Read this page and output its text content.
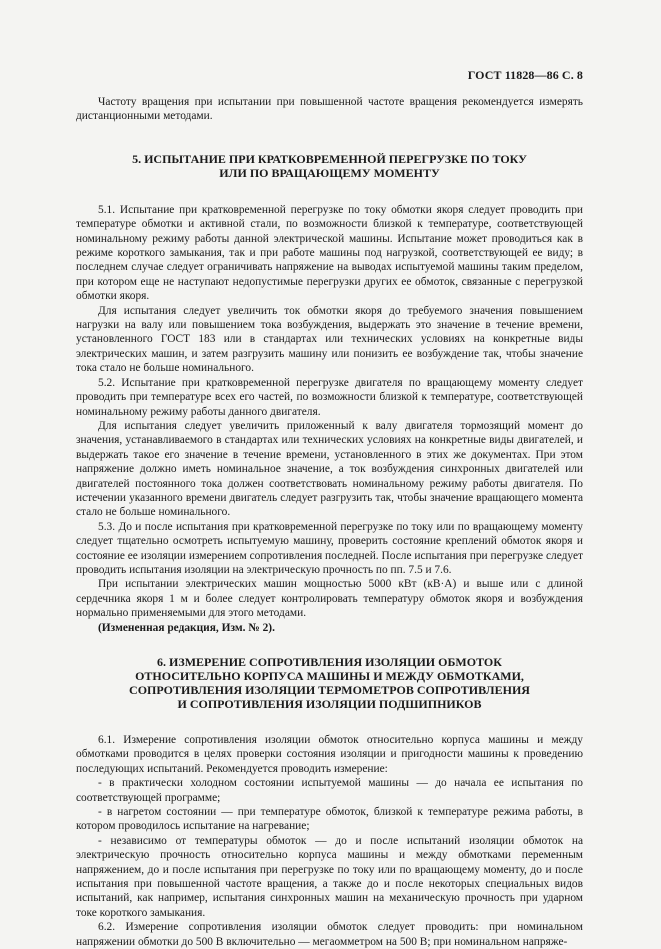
ГОСТ 11828—86 С. 8

Частоту вращения при испытании при повышенной частоте вращения рекомендуется измерять дистанционными методами.

5. ИСПЫТАНИЕ ПРИ КРАТКОВРЕМЕННОЙ ПЕРЕГРУЗКЕ ПО ТОКУ
ИЛИ ПО ВРАЩАЮЩЕМУ МОМЕНТУ

5.1. Испытание при кратковременной перегрузке по току обмотки якоря следует проводить при температуре обмотки и активной стали, по возможности близкой к температуре, соответствующей номинальному режиму работы данной электрической машины. Испытание может проводиться как в режиме короткого замыкания, так и при работе машины под нагрузкой, соответствующей ее виду; в последнем случае следует ограничивать напряжение на выводах испытуемой машины таким пределом, при котором еще не наступают недопустимые перегрузки других ее обмоток, связанные с перегрузкой обмотки якоря.

Для испытания следует увеличить ток обмотки якоря до требуемого значения повышением нагрузки на валу или повышением тока возбуждения, выдержать это значение в течение времени, установленного ГОСТ 183 или в стандартах или технических условиях на конкретные виды электрических машин, и затем разгрузить машину или понизить ее возбуждение так, чтобы значение тока стало не больше номинального.

5.2. Испытание при кратковременной перегрузке двигателя по вращающему моменту следует проводить при температуре всех его частей, по возможности близкой к температуре, соответствующей номинальному режиму работы данного двигателя.

Для испытания следует увеличить приложенный к валу двигателя тормозящий момент до значения, устанавливаемого в стандартах или технических условиях на конкретные виды двигателей, и выдержать такое его значение в течение времени, установленного в этих же документах. При этом напряжение должно иметь номинальное значение, а ток возбуждения синхронных двигателей или двигателей постоянного тока должен соответствовать номинальному режиму работы двигателя. По истечении указанного времени двигатель следует разгрузить так, чтобы значение вращающего момента стало не больше номинального.

5.3. До и после испытания при кратковременной перегрузке по току или по вращающему моменту следует тщательно осмотреть испытуемую машину, проверить состояние креплений обмоток якоря и состояние ее изоляции измерением сопротивления последней. После испытания при перегрузке следует проводить испытания изоляции на электрическую прочность по пп. 7.5 и 7.6.

При испытании электрических машин мощностью 5000 кВт (кВ·А) и выше или с длиной сердечника якоря 1 м и более следует контролировать температуру обмоток якоря и возбуждения нормально применяемыми для этого методами.

(Измененная редакция, Изм. № 2).

6. ИЗМЕРЕНИЕ СОПРОТИВЛЕНИЯ ИЗОЛЯЦИИ ОБМОТОК
ОТНОСИТЕЛЬНО КОРПУСА МАШИНЫ И МЕЖДУ ОБМОТКАМИ,
СОПРОТИВЛЕНИЯ ИЗОЛЯЦИИ ТЕРМОМЕТРОВ СОПРОТИВЛЕНИЯ
И СОПРОТИВЛЕНИЯ ИЗОЛЯЦИИ ПОДШИПНИКОВ

6.1. Измерение сопротивления изоляции обмоток относительно корпуса машины и между обмотками проводится в целях проверки состояния изоляции и пригодности машины к проведению последующих испытаний. Рекомендуется проводить измерение:

- в практически холодном состоянии испытуемой машины — до начала ее испытания по соответствующей программе;

- в нагретом состоянии — при температуре обмоток, близкой к температуре режима работы, в котором проводилось испытание на нагревание;

- независимо от температуры обмоток — до и после испытаний изоляции обмоток на электрическую прочность относительно корпуса машины и между обмотками переменным напряжением, до и после испытания при перегрузке по току или по вращающему моменту, до и после испытания при повышенной частоте вращения, а также до и после некоторых специальных видов испытаний, как например, испытания синхронных машин на механическую прочность при ударном токе короткого замыкания.

6.2. Измерение сопротивления изоляции обмоток следует проводить: при номинальном напряжении обмотки до 500 В включительно — мегаомметром на 500 В; при номинальном напряже-
